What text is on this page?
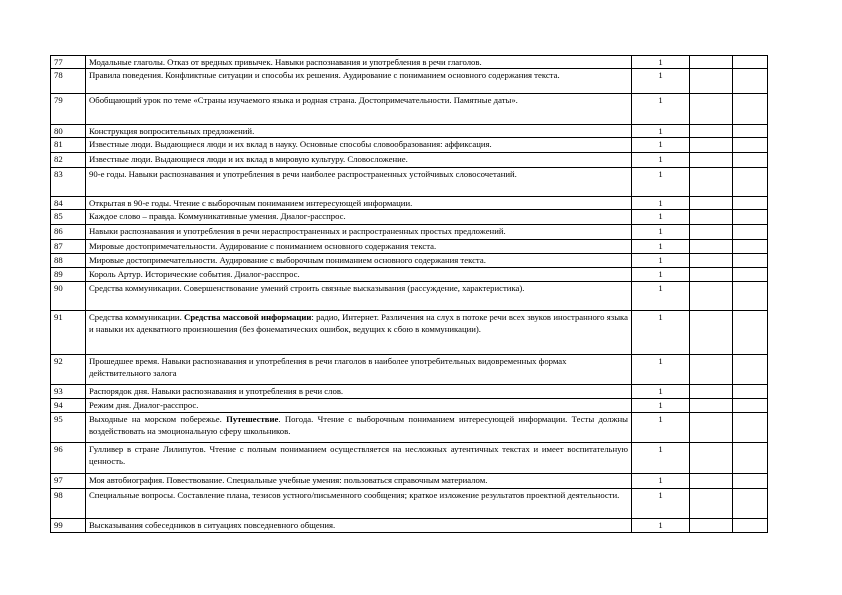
77	Модальные глаголы. Отказ от вредных привычек. Навыки распознавания и употребления в речи глаголов.	1		
78	Правила поведения. Конфликтные ситуации и способы их решения. Аудирование с пониманием основного содержания текста.	1		
79	Обобщающий урок по теме «Страны изучаемого языка и родная страна. Достопримечательности. Памятные даты».	1		
80	Конструкция вопросительных предложений.	1		
81	Известные люди. Выдающиеся люди и их вклад в науку. Основные способы словообразования: аффиксация.	1		
82	Известные люди. Выдающиеся люди и их вклад в мировую культуру. Словосложение.	1		
83	90-е годы. Навыки распознавания и употребления в речи наиболее распространенных устойчивых словосочетаний.	1		
84	Открытая в 90-е годы. Чтение с выборочным пониманием интересующей информации.	1		
85	Каждое слово – правда. Коммуникативные умения. Диалог-расспрос.	1		
86	Навыки распознавания и употребления в речи нераспространенных и распространенных простых предложений.	1		
87	Мировые достопримечательности. Аудирование с пониманием основного содержания текста.	1		
88	Мировые достопримечательности. Аудирование с выборочным пониманием основного содержания текста.	1		
89	Король Артур. Исторические события. Диалог-расспрос.	1		
90	Средства коммуникации. Совершенствование умений строить связные высказывания (рассуждение, характеристика).	1		
91	Средства коммуникации. Средства массовой информации: радио, Интернет. Различения на слух в потоке речи всех звуков иностранного языка и навыки их адекватного произношения (без фонематических ошибок, ведущих к сбою в коммуникации).	1		
92	Прошедшее время. Навыки распознавания и употребления в речи глаголов в наиболее употребительных видовременных формах действительного залога	1		
93	Распорядок дня. Навыки распознавания и употребления в речи слов.	1		
94	Режим дня. Диалог-расспрос.	1		
95	Выходные на морском побережье. Путешествие. Погода. Чтение с выборочным пониманием интересующей информации. Тесты должны воздействовать на эмоциональную сферу школьников.	1		
96	Гулливер в стране Лилипутов. Чтение с полным пониманием осуществляется на несложных аутентичных текстах и имеет воспитательную ценность.	1		
97	Моя автобиография. Повествование. Специальные учебные умения: пользоваться справочным материалом.	1		
98	Специальные вопросы. Составление плана, тезисов устного/письменного сообщения; краткое изложение результатов проектной деятельности.	1		
99	Высказывания собеседников в ситуациях повседневного общения.	1		
